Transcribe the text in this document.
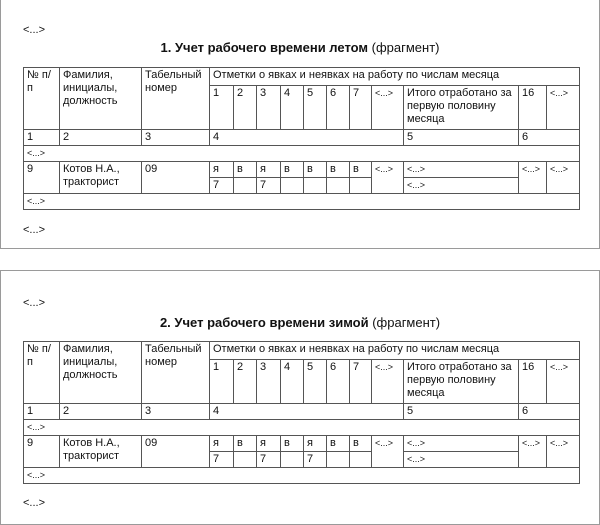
<...>
1. Учет рабочего времени летом (фрагмент)
№ п/п	Фамилия, инициалы, должность	Табельный номер	Отметки о явках и неявках на работу по числам месяца										
			1	2	3	4	5	6	7	<...>	Итого отработано за первую половину месяца	16	<...>
1	2	3	4								5	6	
<...>													
9	Котов Н.А., тракторист	09	я	в	я	в	в	в	в	<...>	<...>	<...>	<...>
			7		7						<...>		
<...>													
<...>
<...>
2. Учет рабочего времени зимой (фрагмент)
№ п/п	Фамилия, инициалы, должность	Табельный номер	Отметки о явках и неявках на работу по числам месяца										
			1	2	3	4	5	6	7	<...>	Итого отработано за первую половину месяца	16	<...>
1	2	3	4								5	6	
<...>													
9	Котов Н.А., тракторист	09	я	в	я	в	я	в	в	<...>	<...>	<...>	<...>
			7		7		7				<...>		
<...>													
<...>
